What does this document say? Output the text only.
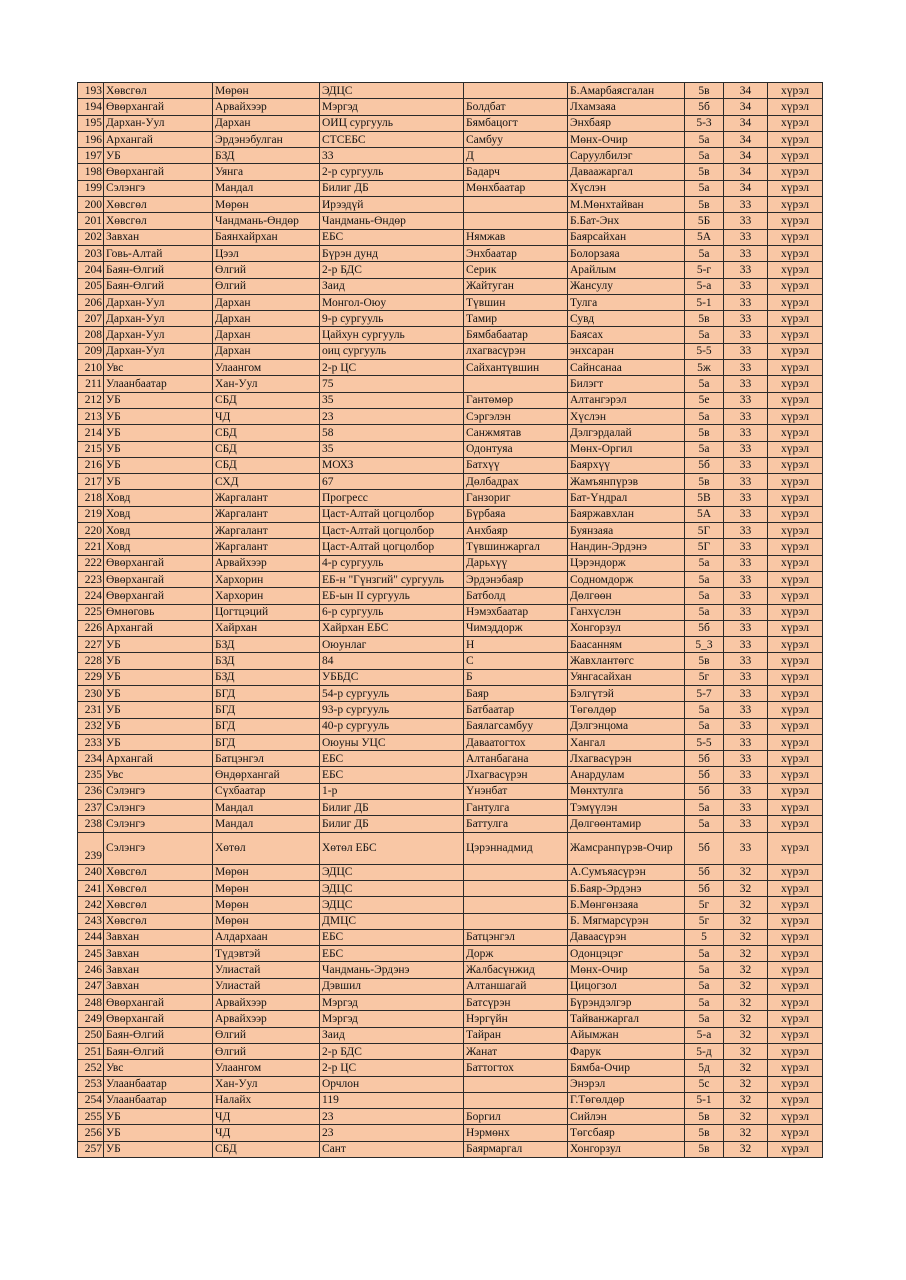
193	Хөвсгөл	Мөрөн	ЭДЦС		Б.Амарбаясгалан	5в	34	хүрэл
194	Өвөрхангай	Арвайхээр	Мэргэд	Болдбат	Лхамзаяа	5б	34	хүрэл
195	Дархан-Уул	Дархан	ОИЦ сургууль	Бямбацогт	Энхбаяр	5-3	34	хүрэл
196	Архангай	Эрдэнэбулган	СТСЕБС	Самбуу	Мөнх-Очир	5а	34	хүрэл
197	УБ	БЗД	33	Д	Саруулбилэг	5а	34	хүрэл
198	Өвөрхангай	Уянга	2-р сургууль	Бадарч	Даваажаргал	5в	34	хүрэл
199	Сэлэнгэ	Мандал	Билиг ДБ	Мөнхбаатар	Хүслэн	5а	34	хүрэл
200	Хөвсгөл	Мөрөн	Ирээдүй		М.Мөнхтайван	5в	33	хүрэл
201	Хөвсгөл	Чандмань-Өндөр	Чандмань-Өндөр		Б.Бат-Энх	5Б	33	хүрэл
202	Завхан	Баянхайрхан	ЕБС	Нямжав	Баярсайхан	5А	33	хүрэл
203	Говь-Алтай	Цээл	Бүрэн дунд	Энхбаатар	Болорзаяа	5а	33	хүрэл
204	Баян-Өлгий	Өлгий	2-р БДС	Серик	Арайлым	5-г	33	хүрэл
205	Баян-Өлгий	Өлгий	Заид	Жайтуган	Жансулу	5-а	33	хүрэл
206	Дархан-Уул	Дархан	Монгол-Оюу	Түвшин	Тулга	5-1	33	хүрэл
207	Дархан-Уул	Дархан	9-р сургууль	Тамир	Сувд	5в	33	хүрэл
208	Дархан-Уул	Дархан	Цайхун сургууль	Бямбабаатар	Баясах	5а	33	хүрэл
209	Дархан-Уул	Дархан	оиц сургууль	лхагвасүрэн	энхсаран	5-5	33	хүрэл
210	Увс	Улаангом	2-р ЦС	Сайхантүвшин	Сайнсанаа	5ж	33	хүрэл
211	Улаанбаатар	Хан-Уул	75		Билэгт	5а	33	хүрэл
212	УБ	СБД	35	Гантөмөр	Алтангэрэл	5е	33	хүрэл
213	УБ	ЧД	23	Сэргэлэн	Хүслэн	5а	33	хүрэл
214	УБ	СБД	58	Санжмятав	Дэлгэрдалай	5в	33	хүрэл
215	УБ	СБД	35	Одонтуяа	Мөнх-Оргил	5а	33	хүрэл
216	УБ	СБД	МОХЗ	Батхүү	Баярхүү	5б	33	хүрэл
217	УБ	СХД	67	Дөлбадрах	Жамъянпүрэв	5в	33	хүрэл
218	Ховд	Жаргалант	Прогресс	Ганзориг	Бат-Үндрал	5В	33	хүрэл
219	Ховд	Жаргалант	Цаст-Алтай цогцолбор	Бүрбаяа	Баяржавхлан	5А	33	хүрэл
220	Ховд	Жаргалант	Цаст-Алтай цогцолбор	Анхбаяр	Буянзаяа	5Г	33	хүрэл
221	Ховд	Жаргалант	Цаст-Алтай цогцолбор	Түвшинжаргал	Нандин-Эрдэнэ	5Г	33	хүрэл
222	Өвөрхангай	Арвайхээр	4-р сургууль	Дарьхүү	Цэрэндорж	5а	33	хүрэл
223	Өвөрхангай	Хархорин	ЕБ-н "Гүнзгий" сургууль	Эрдэнэбаяр	Содномдорж	5а	33	хүрэл
224	Өвөрхангай	Хархорин	ЕБ-ын II сургууль	Батболд	Дөлгөөн	5а	33	хүрэл
225	Өмнөговь	Цогтцэций	6-р сургууль	Нэмэхбаатар	Ганхүслэн	5а	33	хүрэл
226	Архангай	Хайрхан	Хайрхан ЕБС	Чимэддорж	Хонгорзул	5б	33	хүрэл
227	УБ	БЗД	Оюунлаг	Н	Баасанням	5_3	33	хүрэл
228	УБ	БЗД	84	С	Жавхлантөгс	5в	33	хүрэл
229	УБ	БЗД	УББДС	Б	Уянгасайхан	5г	33	хүрэл
230	УБ	БГД	54-р сургууль	Баяр	Бэлгүтэй	5-7	33	хүрэл
231	УБ	БГД	93-р сургууль	Батбаатар	Төгөлдөр	5а	33	хүрэл
232	УБ	БГД	40-р сургууль	Баялагсамбуу	Дэлгэнцома	5а	33	хүрэл
233	УБ	БГД	Оюуны УЦС	Даваатогтох	Хангал	5-5	33	хүрэл
234	Архангай	Батцэнгэл	ЕБС	Алтанбагана	Лхагвасүрэн	5б	33	хүрэл
235	Увс	Өндөрхангай	ЕБС	Лхагвасүрэн	Анардулам	5б	33	хүрэл
236	Сэлэнгэ	Сүхбаатар	1-р	Үнэнбат	Мөнхтулга	5б	33	хүрэл
237	Сэлэнгэ	Мандал	Билиг ДБ	Гантулга	Тэмүүлэн	5а	33	хүрэл
238	Сэлэнгэ	Мандал	Билиг ДБ	Баттулга	Дөлгөөнтамир	5а	33	хүрэл
239	Сэлэнгэ	Хөтөл	Хөтөл ЕБС	Цэрэннадмид	Жамсранпүрэв-Очир	5б	33	хүрэл
240	Хөвсгөл	Мөрөн	ЭДЦС		А.Сумъяасүрэн	5б	32	хүрэл
241	Хөвсгөл	Мөрөн	ЭДЦС		Б.Баяр-Эрдэнэ	5б	32	хүрэл
242	Хөвсгөл	Мөрөн	ЭДЦС		Б.Мөнгөнзаяа	5г	32	хүрэл
243	Хөвсгөл	Мөрөн	ДМЦС		Б. Мягмарсүрэн	5г	32	хүрэл
244	Завхан	Алдархаан	ЕБС	Батцэнгэл	Даваасүрэн	5	32	хүрэл
245	Завхан	Түдэвтэй	ЕБС	Дорж	Одонцэцэг	5а	32	хүрэл
246	Завхан	Улиастай	Чандмань-Эрдэнэ	Жалбасүнжид	Мөнх-Очир	5а	32	хүрэл
247	Завхан	Улиастай	Дэвшил	Алтаншагай	Цицогзол	5а	32	хүрэл
248	Өвөрхангай	Арвайхээр	Мэргэд	Батсүрэн	Бүрэндэлгэр	5а	32	хүрэл
249	Өвөрхангай	Арвайхээр	Мэргэд	Нэргүйн	Тайванжаргал	5а	32	хүрэл
250	Баян-Өлгий	Өлгий	Заид	Тайран	Айымжан	5-а	32	хүрэл
251	Баян-Өлгий	Өлгий	2-р БДС	Жанат	Фарук	5-д	32	хүрэл
252	Увс	Улаангом	2-р ЦС	Баттогтох	Бямба-Очир	5д	32	хүрэл
253	Улаанбаатар	Хан-Уул	Орчлон		Энэрэл	5с	32	хүрэл
254	Улаанбаатар	Налайх	119		Г.Төгөлдөр	5-1	32	хүрэл
255	УБ	ЧД	23	Боргил	Сийлэн	5в	32	хүрэл
256	УБ	ЧД	23	Нэрмөнх	Төгсбаяр	5в	32	хүрэл
257	УБ	СБД	Сант	Баярмаргал	Хонгорзул	5в	32	хүрэл
